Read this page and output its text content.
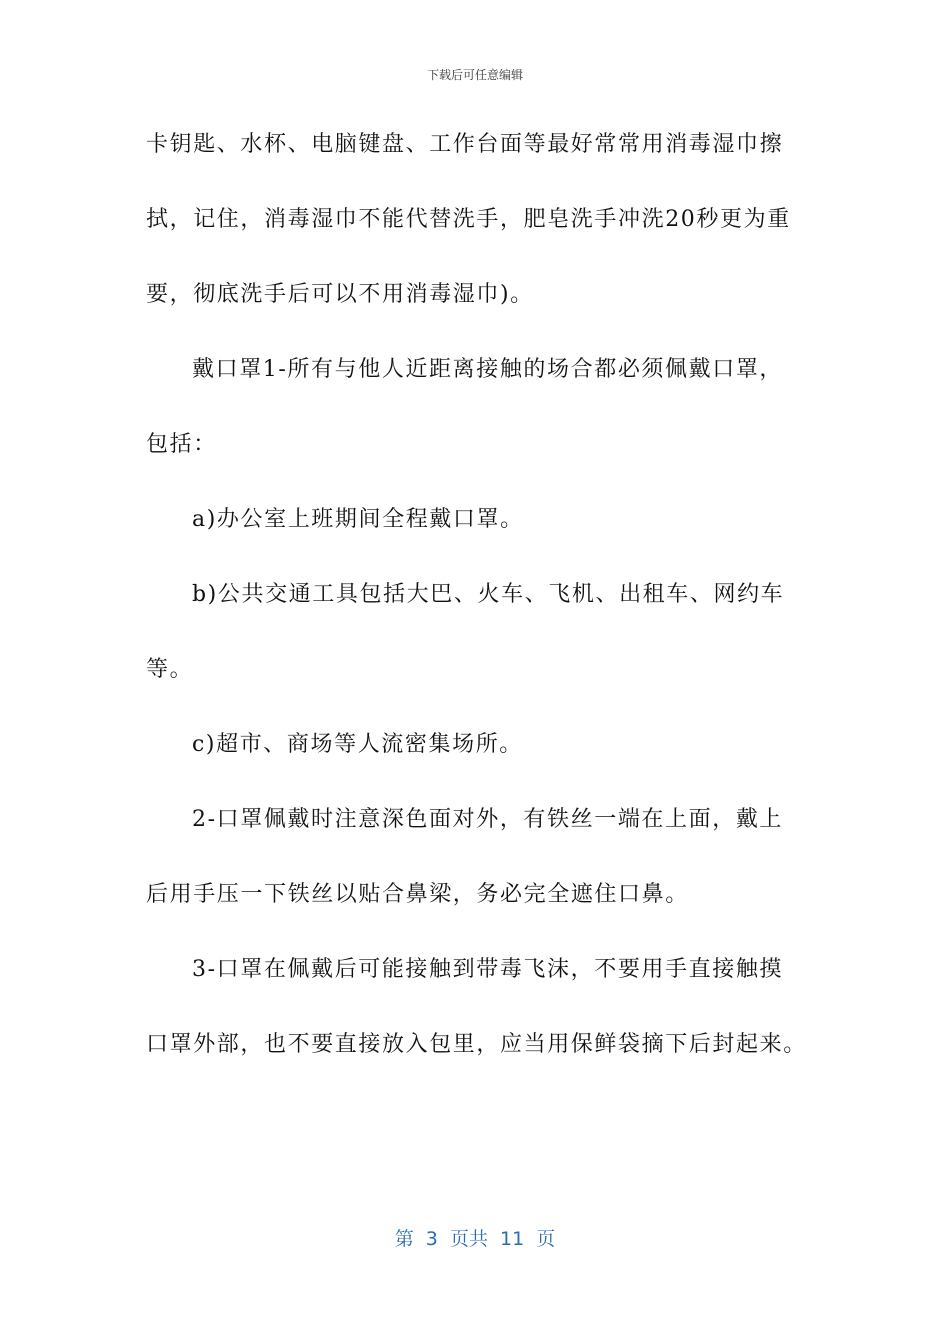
下载后可任意编辑
卡钥匙、水杯、电脑键盘、工作台面等最好常常用消毒湿巾擦
拭，记住，消毒湿巾不能代替洗手，肥皂洗手冲洗20秒更为重
要，彻底洗手后可以不用消毒湿巾)。
戴口罩1-所有与他人近距离接触的场合都必须佩戴口罩，
包括：
a)办公室上班期间全程戴口罩。
b)公共交通工具包括大巴、火车、飞机、出租车、网约车
等。
c)超市、商场等人流密集场所。
2-口罩佩戴时注意深色面对外，有铁丝一端在上面，戴上
后用手压一下铁丝以贴合鼻梁，务必完全遮住口鼻。
3-口罩在佩戴后可能接触到带毒飞沫，不要用手直接触摸
口罩外部，也不要直接放入包里，应当用保鲜袋摘下后封起来。
第  3  页共  11  页
